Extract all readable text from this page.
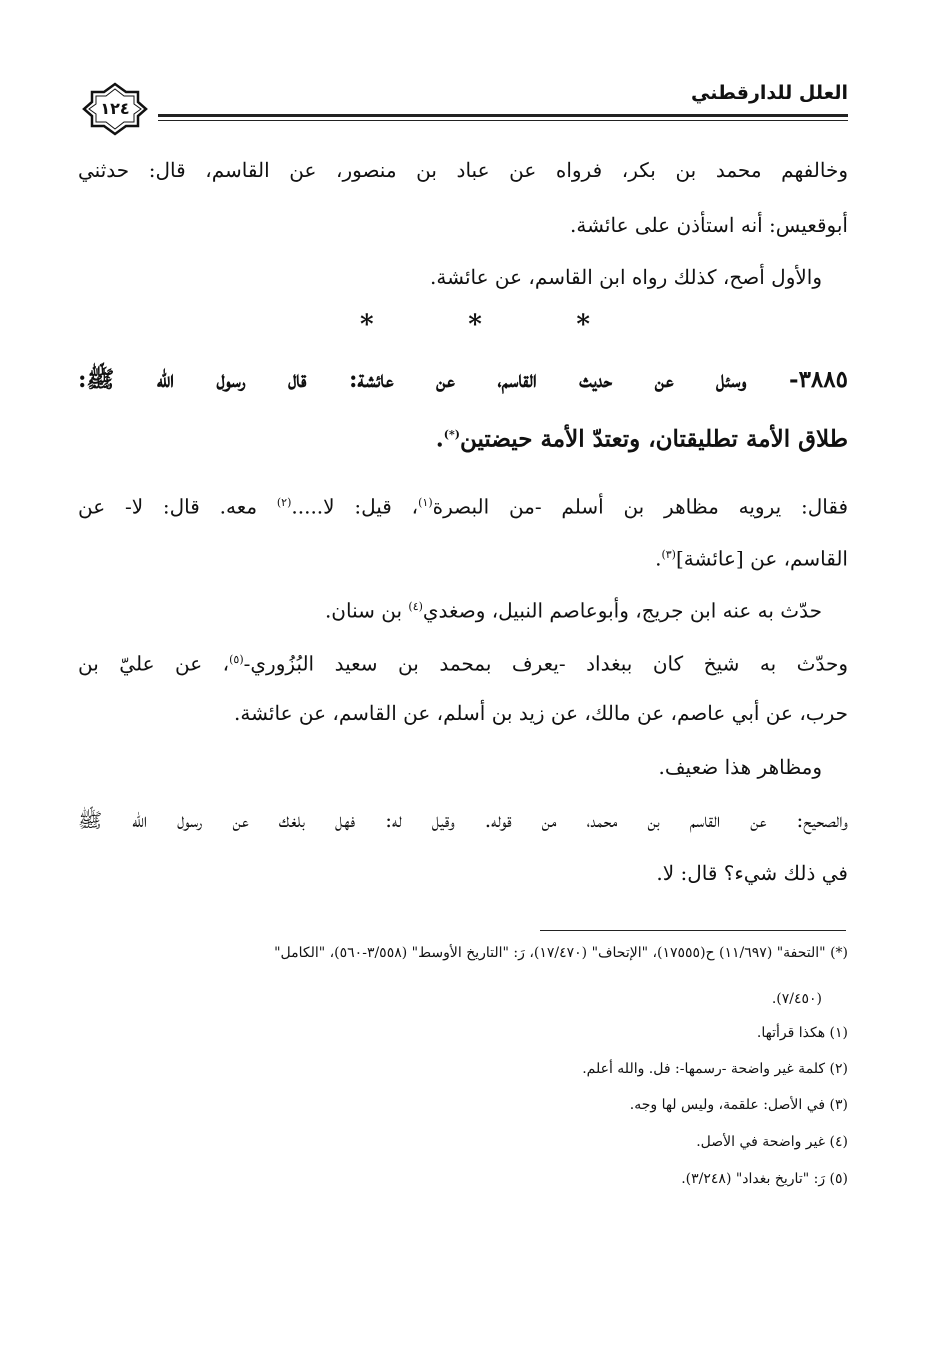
العلل للدارقطني
١٢٤
وخالفهم محمد بن بكر، فرواه عن عباد بن منصور، عن القاسم، قال: حدثني
أبوقعيس: أنه استأذن على عائشة.
والأول أصح، كذلك رواه ابن القاسم، عن عائشة.
*	*	*
٣٨٨٥- وسئل عن حديث القاسم، عن عائشة: قال رسول الله ﷺ:
طلاق الأمة تطليقتان، وتعتدّ الأمة حيضتين(*).
فقال: يرويه مظاهر بن أسلم -من البصرة$^{(١)}$، قيل: لا.....$^{(٢)}$ معه. قال: لا- عن
القاسم، عن [عائشة]$^{(٣)}$.
حدّث به عنه ابن جريج، وأبوعاصم النبيل، وصغدي$^{(٤)}$ بن سنان.
وحدّث به شيخ كان ببغداد -يعرف بمحمد بن سعيد البُزُوري-$^{(٥)}$، عن عليّ بن
حرب، عن أبي عاصم، عن مالك، عن زيد بن أسلم، عن القاسم، عن عائشة.
ومظاهر هذا ضعيف.
والصحيح: عن القاسم بن محمد، من قوله. وقيل له: فهل بلغك عن رسول الله ﷺ
في ذلك شيء؟ قال: لا.
(*) "التحفة" (١١/٦٩٧) ح(١٧٥٥٥)، "الإتحاف" (١٧/٤٧٠)، رَ: "التاريخ الأوسط" (٣/٥٥٨-٥٦٠)، "الكامل"
(٧/٤٥٠).
(١) هكذا قرأتها.
(٢) كلمة غير واضحة -رسمها-: فل. والله أعلم.
(٣) في الأصل: علقمة، وليس لها وجه.
(٤) غير واضحة في الأصل.
(٥) رَ: "تاريخ بغداد" (٣/٢٤٨).
